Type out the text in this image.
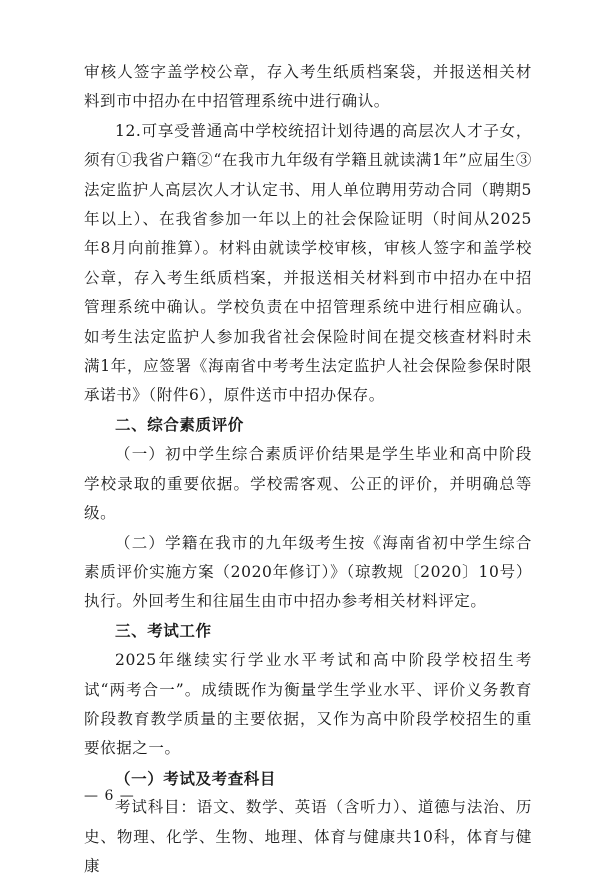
审核人签字盖学校公章，存入考生纸质档案袋，并报送相关材料到市中招办在中招管理系统中进行确认。

12.可享受普通高中学校统招计划待遇的高层次人才子女，须有①我省户籍②“在我市九年级有学籍且就读满1年”应届生③法定监护人高层次人才认定书、用人单位聘用劳动合同（聘期5年以上）、在我省参加一年以上的社会保险证明（时间从2025年8月向前推算）。材料由就读学校审核，审核人签字和盖学校公章，存入考生纸质档案，并报送相关材料到市中招办在中招管理系统中确认。学校负责在中招管理系统中进行相应确认。如考生法定监护人参加我省社会保险时间在提交核查材料时未满1年，应签署《海南省中考考生法定监护人社会保险参保时限承诺书》（附件6），原件送市中招办保存。

二、综合素质评价

（一）初中学生综合素质评价结果是学生毕业和高中阶段学校录取的重要依据。学校需客观、公正的评价，并明确总等级。

（二）学籍在我市的九年级考生按《海南省初中学生综合素质评价实施方案（2020年修订）》（琼教规〔2020〕10号）执行。外回考生和往届生由市中招办参考相关材料评定。

三、考试工作

2025年继续实行学业水平考试和高中阶段学校招生考试“两考合一”。成绩既作为衡量学生学业水平、评价义务教育阶段教育教学质量的主要依据，又作为高中阶段学校招生的重要依据之一。

（一）考试及考查科目

考试科目：语文、数学、英语（含听力）、道德与法治、历史、物理、化学、生物、地理、体育与健康共10科，体育与健康

— 6 —
